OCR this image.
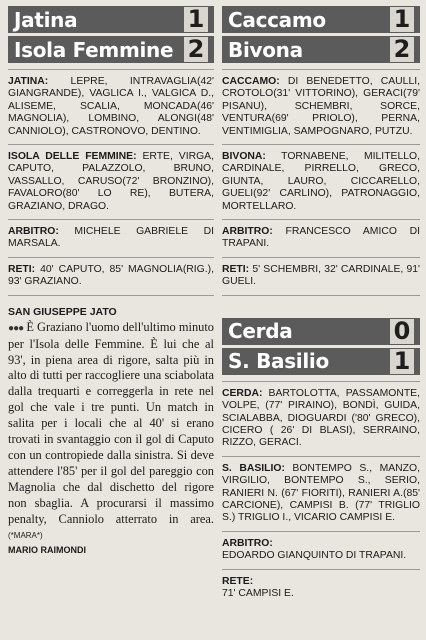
Jatina	1
Isola Femmine 2

JATINA: LEPRE, INTRAVAGLIA(42' GIANGRANDE), VAGLICA I., VALGICA D., ALISEME, SCALIA, MONCADA(46' MAGNOLIA), LOMBINO, ALONGI(48' CANNIOLO), CASTRONOVO, DENTINO.

ISOLA DELLE FEMMINE: ERTE, VIRGA, CAPUTO, PALAZZOLO, BRUNO, VASSALLO, CARUSO(72' BRONZINO), FAVALORO(80' LO RE), BUTERA, GRAZIANO, DRAGO.

ARBITRO: MICHELE GABRIELE DI MARSALA.

RETI: 40' CAPUTO, 85' MAGNOLIA(RIG.), 93' GRAZIANO.

SAN GIUSEPPE JATO

●●● È Graziano l'uomo dell'ultimo minuto per l'Isola delle Femmine. È lui che al 93', in piena area di rigore, salta più in alto di tutti per raccogliere una sciabolata dalla trequarti e correggerla in rete nel gol che vale i tre punti. Un match in salita per i locali che al 40' si erano trovati in svantaggio con il gol di Caputo con un contropiede dalla sinistra. Si deve attendere l'85' per il gol del pareggio con Magnolia che dal dischetto del rigore non sbaglia. A procurarsi il massimo penalty, Canniolo atterrato in area. (*MARA*)

MARIO RAIMONDI
Caccamo	1
Bivona	2

CACCAMO: DI BENEDETTO, CAULLI, CROTOLO(31' VITTORINO), GERACI(79' PISANU), SCHEMBRI, SORCE, VENTURA(69' PRIOLO), PERNA, VENTIMIGLIA, SAMPOGNARO, PUTZU.

BIVONA: TORNABENE, MILITELLO, CARDINALE, PIRRELLO, GRECO, GIUNTA, LAURO, CICCARELLO, GUELI(92' CARLINO), PATRONAGGIO, MORTELLARO.

ARBITRO: FRANCESCO AMICO DI TRAPANI.

RETI: 5' SCHEMBRI, 32' CARDINALE, 91' GUELI.

Cerda	0
S. Basilio	1

CERDA: BARTOLOTTA, PASSAMONTE, VOLPE, (77' PIRAINO), BONDÌ, GUIDA, SCIALABBA, DIOGUARDI ('80' GRECO), CICERO ( 26' DI BLASI), SERRAINO, RIZZO, GERACI.

S. BASILIO: BONTEMPO S., MANZO, VIRGILIO, BONTEMPO S., SERIO, RANIERI N. (67' FIORITI), RANIERI A.(85' CARCIONE), CAMPISI B. (77' TRIGLIO S.) TRIGLIO I., VICARIO CAMPISI E.

ARBITRO:
EDOARDO GIANQUINTO DI TRAPANI.

RETE:
71' CAMPISI E.
